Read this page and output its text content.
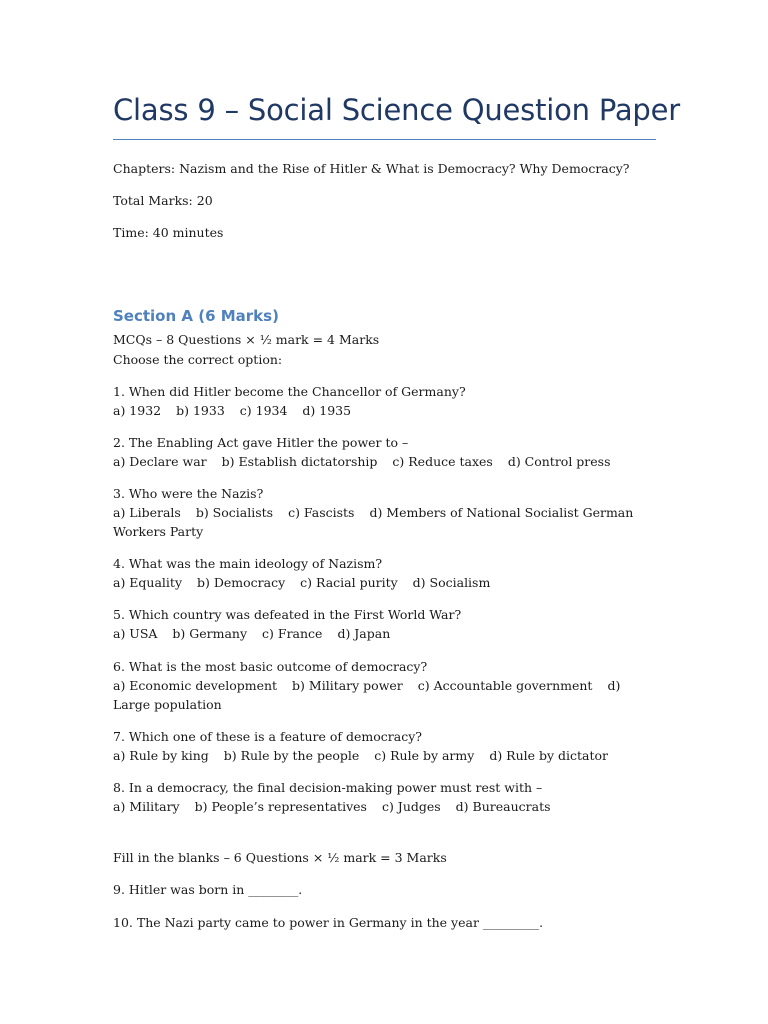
Class 9 – Social Science Question Paper
Chapters: Nazism and the Rise of Hitler & What is Democracy? Why Democracy?
Total Marks: 20
Time: 40 minutes
Section A (6 Marks)
MCQs – 8 Questions × ½ mark = 4 Marks
Choose the correct option:
1. When did Hitler become the Chancellor of Germany?
a) 1932 b) 1933 c) 1934 d) 1935
2. The Enabling Act gave Hitler the power to –
a) Declare war b) Establish dictatorship c) Reduce taxes d) Control press
3. Who were the Nazis?
a) Liberals b) Socialists c) Fascists d) Members of National Socialist German Workers Party
4. What was the main ideology of Nazism?
a) Equality b) Democracy c) Racial purity d) Socialism
5. Which country was defeated in the First World War?
a) USA b) Germany c) France d) Japan
6. What is the most basic outcome of democracy?
a) Economic development b) Military power c) Accountable government d) Large population
7. Which one of these is a feature of democracy?
a) Rule by king b) Rule by the people c) Rule by army d) Rule by dictator
8. In a democracy, the final decision-making power must rest with –
a) Military b) People’s representatives c) Judges d) Bureaucrats
Fill in the blanks – 6 Questions × ½ mark = 3 Marks
9. Hitler was born in ________.
10. The Nazi party came to power in Germany in the year _________.
